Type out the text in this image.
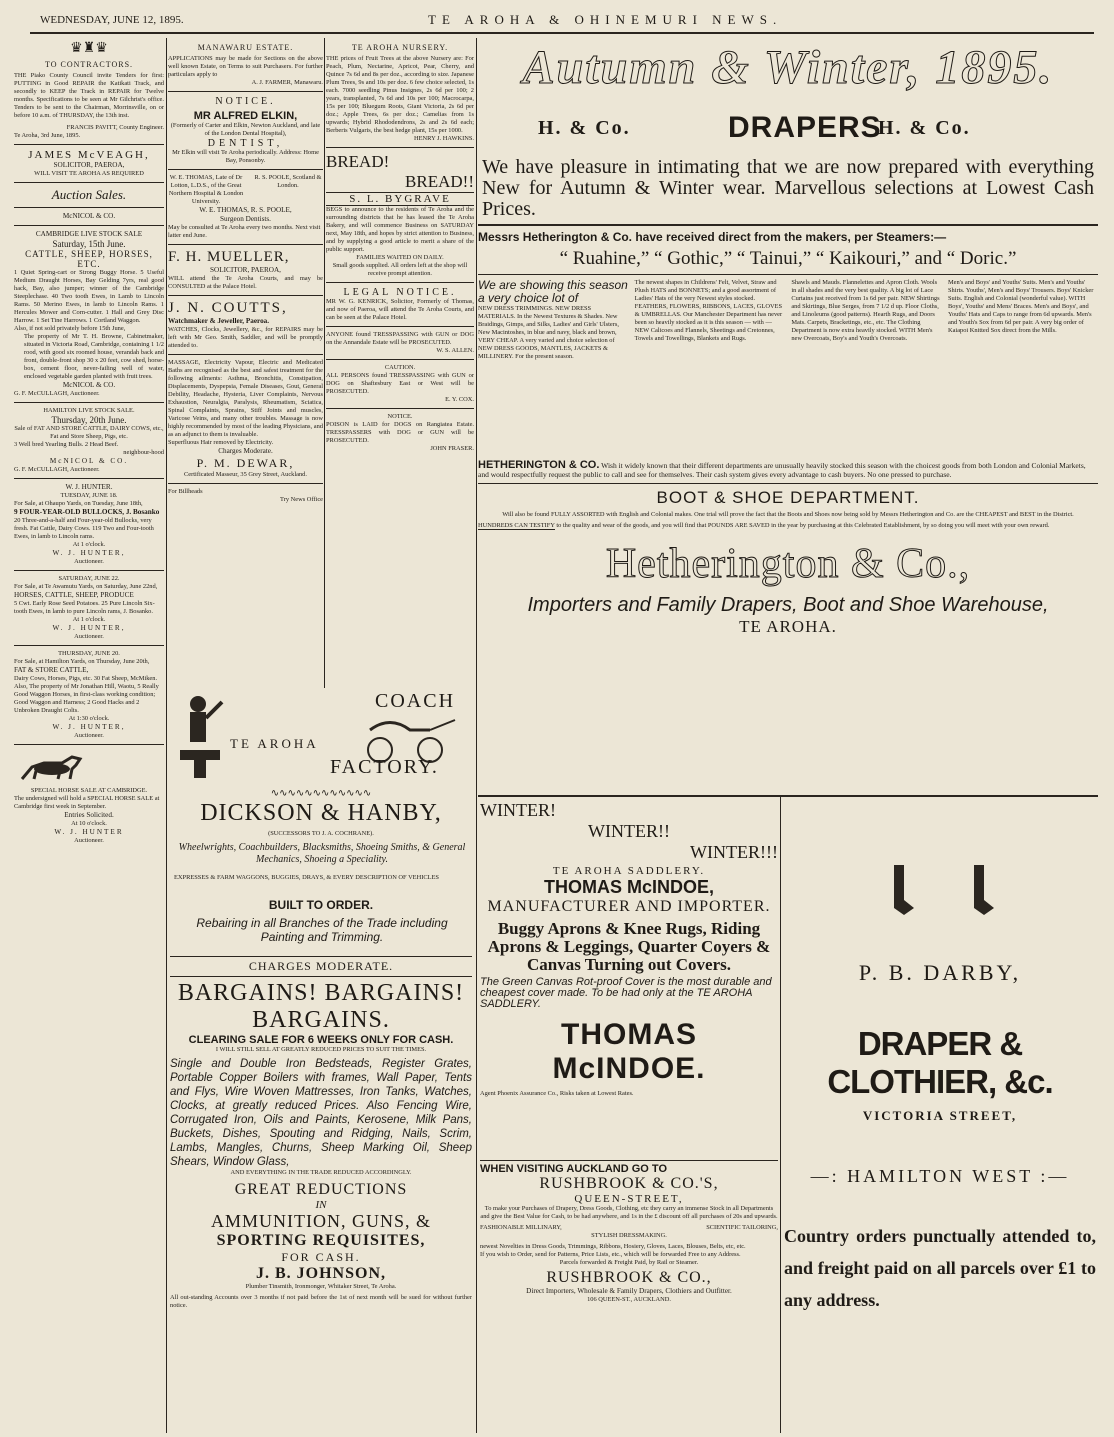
WEDNESDAY, JUNE 12, 1895.	TE AROHA & OHINEMURI NEWS.
♛♜♛
TO CONTRACTORS.
THE Piako County Council invite Tenders for first: PUTTING in Good REPAIR the Katikati Track, and secondly to KEEP the Track in REPAIR for Twelve months. Specifications to be seen at Mr Gilchrist's office. Tenders to be sent to the Chairman, Morrinsville, on or before 10 a.m. of THURSDAY, the 13th inst.
FRANCIS PAVITT, County Engineer.
Te Aroha, 3rd June, 1895.
JAMES McVEAGH,
SOLICITOR, PAEROA,
WILL VISIT TE AROHA AS REQUIRED
Auction Sales.
McNICOL & CO.
CAMBRIDGE LIVE STOCK SALE
Saturday, 15th June.
CATTLE, SHEEP, HORSES, ETC.
1 Quiet Spring-cart or Strong Buggy Horse. 5 Useful Medium Draught Horses, Bay Gelding 7yrs, real good hack, Bay, also jumper; winner of the Cambridge Steeplechase. 40 Two tooth Ewes, in Lamb to Lincoln Rams. 50 Merino Ewes, in lamb to Lincoln Rams. 1 Hercules Mower and Corn-cutter. 1 Hall and Grey Disc Harrow. 1 Set Tine Harrows. 1 Cortland Waggon.
Also, if not sold privately before 15th June,
The property of Mr T. H. Browne, Cabinetmaker, situated in Victoria Road, Cambridge, containing 1 1/2 rood, with good six roomed house, verandah back and front, double-front shop 30 x 20 feet, cow shed, horse-box, cement floor, never-failing well of water, enclosed vegetable garden planted with fruit trees.
McNICOL & CO.
G. F. McCULLAGH, Auctioneer.
HAMILTON LIVE STOCK SALE.
Thursday, 20th June.
Sale of FAT AND STORE CATTLE, DAIRY COWS, etc., Fat and Store Sheep, Pigs, etc.
3 Well bred Yearling Bulls. 2 Head Beef.
neighbour-hood
McNICOL & CO.
G. F. McCULLAGH, Auctioneer.
W. J. HUNTER.
TUESDAY, JUNE 18.
For Sale, at Ohaupo Yards, on Tuesday, June 18th,
9 FOUR-YEAR-OLD BULLOCKS, J. Bosanko
20 Three-and-a-half and Four-year-old Bullocks, very fresh. Fat Cattle, Dairy Cows. 119 Two and Four-tooth Ewes, in lamb to Lincoln rams.
At 1 o'clock.
W. J. HUNTER,
Auctioneer.
SATURDAY, JUNE 22.
For Sale, at Te Awamutu Yards, on Saturday, June 22nd,
HORSES, CATTLE, SHEEP, PRODUCE
5 Cwt. Early Rose Seed Potatoes. 25 Pure Lincoln Six-tooth Ewes, in lamb to pure Lincoln rams, J. Bosanko.
At 1 o'clock.
W. J. HUNTER,
Auctioneer.
THURSDAY, JUNE 20.
For Sale, at Hamilton Yards, on Thursday, June 20th,
FAT & STORE CATTLE,
Dairy Cows, Horses, Pigs, etc. 30 Fat Sheep, McMiken. Also, The property of Mr Jonathan Hill, Waotu, 5 Really Good Waggon Horses, in first-class working condition; Good Waggon and Harness; 2 Good Hacks and 2 Unbroken Draught Colts.
At 1:30 o'clock.
W. J. HUNTER,
Auctioneer.
SPECIAL HORSE SALE AT CAMBRIDGE.
The undersigned will hold a SPECIAL HORSE SALE at Cambridge first week in September.
Entries Solicited.
At 10 o'clock.
W. J. HUNTER
Auctioneer.
MANAWARU ESTATE.
APPLICATIONS may be made for Sections on the above well known Estate, on Terms to suit Purchasers. For further particulars apply to
A. J. FARMER, Manawaru.
NOTICE.
MR ALFRED ELKIN,
(Formerly of Carter and Elkin, Newton Auckland, and late of the London Dental Hospital),
DENTIST,
Mr Elkin will visit Te Aroha periodically. Address: Home Bay, Ponsonby.
W. E. THOMAS, Late of Dr Lotton, L.D.S., of the Great Northern Hospital & London University.
R. S. POOLE, Scotland & London.
W. E. THOMAS, R. S. POOLE,
Surgeon Dentists.
May be consulted at Te Aroha every two months. Next visit latter end June.
F. H. MUELLER,
SOLICITOR, PAEROA,
WILL attend the Te Aroha Courts, and may be CONSULTED at the Palace Hotel.
J. N. COUTTS,
Watchmaker & Jeweller, Paeroa.
WATCHES, Clocks, Jewellery, &c., for REPAIRS may be left with Mr Geo. Smith, Saddler, and will be promptly attended to.
MASSAGE, Electricity Vapour, Electric and Medicated Baths are recognised as the best and safest treatment for the following ailments: Asthma, Bronchitis, Constipation, Displacements, Dyspepsia, Female Diseases, Gout, General Debility, Headache, Hysteria, Liver Complaints, Nervous Exhaustion, Neuralgia, Paralysis, Rheumatism, Sciatica, Spinal Complaints, Sprains, Stiff Joints and muscles, Varicose Veins, and many other troubles. Massage is now highly recommended by most of the leading Physicians, and as an adjunct to them is invaluable.
Superfluous Hair removed by Electricity.
Charges Moderate.
P. M. DEWAR,
Certificated Masseur, 35 Grey Street, Auckland.
For Billheads
Try News Office
TE AROHA NURSERY.
THE prices of Fruit Trees at the above Nursery are: For Peach, Plum, Nectarine, Apricot, Pear, Cherry, and Quince 7s 6d and 8s per doz., according to size. Japanese Plum Trees, 9s and 10s per doz. 6 few choice selected, 1s each. 7000 seedling Pinus Insignes, 2s 6d per 100; 2 years, transplanted, 7s 6d and 10s per 100; Macrocarpa, 15s per 100; Bluegum Roots, Giant Victoria, 2s 6d per doz.; Apple Trees, 6s per doz.; Camelias from 1s upwards; Hybrid Rhododendrons, 2s and 2s 6d each; Berberis Vulgaris, the best hedge plant, 15s per 1000.
HENRY J. HAWKINS.
BREAD!
BREAD!!
S. L. BYGRAVE
BEGS to announce to the residents of Te Aroha and the surrounding districts that he has leased the Te Aroha Bakery, and will commence Business on SATURDAY next, May 18th, and hopes by strict attention to Business, and by supplying a good article to merit a share of the public support.
FAMILIES WAITED ON DAILY.
Small goods supplied. All orders left at the shop will receive prompt attention.
LEGAL NOTICE.
MR W. G. KENRICK, Solicitor, Formerly of Thomas, and now of Paeroa, will attend the Te Aroha Courts, and can be seen at the Palace Hotel.
ANYONE found TRESSPASSING with GUN or DOG on the Annandale Estate will be PROSECUTED.
W. S. ALLEN.
CAUTION.
ALL PERSONS found TRESSPASSING with GUN or DOG on Shaftesbury East or West will be PROSECUTED.
E. Y. COX.
NOTICE.
POISON is LAID for DOGS on Rangiatea Estate. TRESSPASSERS with DOG or GUN will be PROSECUTED.
JOHN FRASER.
TE AROHA
COACH
FACTORY.
∿∿∿∿∿∿∿∿∿∿∿∿
DICKSON & HANBY,
(SUCCESSORS TO J. A. COCHRANE).
Wheelwrights, Coachbuilders, Blacksmiths, Shoeing Smiths, & General Mechanics, Shoeing a Speciality.
EXPRESSES & FARM WAGGONS, BUGGIES, DRAYS, & EVERY DESCRIPTION OF VEHICLES
BUILT TO ORDER.
Rebairing in all Branches of the Trade including Painting and Trimming.
CHARGES MODERATE.
BARGAINS! BARGAINS!
BARGAINS.
CLEARING SALE FOR 6 WEEKS ONLY FOR CASH.
I WILL STILL SELL AT GREATLY REDUCED PRICES TO SUIT THE TIMES.
Single and Double Iron Bedsteads, Register Grates, Portable Copper Boilers with frames, Wall Paper, Tents and Flys, Wire Woven Mattresses, Iron Tanks, Watches, Clocks, at greatly reduced Prices. Also Fencing Wire, Corrugated Iron, Oils and Paints, Kerosene, Milk Pans, Buckets, Dishes, Spouting and Ridging, Nails, Scrim, Lambs, Mangles, Churns, Sheep Marking Oil, Sheep Shears, Window Glass,
AND EVERYTHING IN THE TRADE REDUCED ACCORDINGLY.
GREAT REDUCTIONS
IN
AMMUNITION, GUNS, &
SPORTING REQUISITES,
FOR CASH.
J. B. JOHNSON,
Plumber Tinsmith, Ironmonger, Whitaker Street, Te Aroha.
All out-standing Accounts over 3 months if not paid before the 1st of next month will be sued for without further notice.
Autumn & Winter, 1895.
H. & Co.	DRAPERS
H. & Co.
We have pleasure in intimating that we are now prepared with everything New for Autumn & Winter wear. Marvellous selections at Lowest Cash Prices.
Messrs Hetherington & Co. have received direct from the makers, per Steamers:—
“ Ruahine,” “ Gothic,” “ Tainui,” “ Kaikouri,” and “ Doric.”
We are showing this season a very choice lot of
NEW DRESS TRIMMINGS. NEW DRESS MATERIALS. In the Newest Textures & Shades. New Braidings, Gimps, and Silks, Ladies' and Girls' Ulsters, New Macintoshes, in blue and navy, black and brown, VERY CHEAP. A very varied and choice selection of NEW DRESS GOODS, MANTLES, JACKETS & MILLINERY. For the present season.
The newest shapes in Childrens' Felt, Velvet, Straw and Plush HATS and BONNETS; and a good assortment of Ladies' Hats of the very Newest styles stocked. FEATHERS, FLOWERS, RIBBONS, LACES, GLOVES & UMBRELLAS. Our Manchester Department has never been so heavily stocked as it is this season — with — NEW Calicoes and Flannels, Sheetings and Cretonnes, Towels and Towellings, Blankets and Rugs.
Shawls and Mauds. Flannelettes and Apron Cloth. Wools in all shades and the very best quality. A big lot of Lace Curtains just received from 1s 6d per pair. NEW Shirtings and Skirtings, Blue Serges, from 7 1/2 d up. Floor Cloths, and Linoleums (good patterns). Hearth Rugs, and Doors Mats. Carpets, Bracketings, etc., etc. The Clothing Department is now extra heavily stocked. WITH Men's new Overcoats, Boy's and Youth's Overcoats.
Men's and Boys' and Youths' Suits. Men's and Youths' Shirts. Youths', Men's and Boys' Trousers. Boys' Knicker Suits. English and Colonial (wonderful value). WITH Boys', Youths' and Mens' Braces. Men's and Boys', and Youths' Hats and Caps to range from 6d upwards. Men's and Youth's Sox from 6d per pair. A very big order of Kaiapoi Knitted Sox direct from the Mills.
HETHERINGTON & CO. Wish it widely known that their different departments are unusually heavily stocked this season with the choicest goods from both London and Colonial Markets, and would respectfully request the public to call and see for themselves. Their cash system gives every advantage to cash buyers. No one pressed to purchase.
BOOT & SHOE DEPARTMENT.
Will also be found FULLY ASSORTED with English and Colonial makes. One trial will prove the fact that the Boots and Shoes now being sold by Messrs Hetherington and Co. are the CHEAPEST and BEST in the District.
HUNDREDS CAN TESTIFY to the quality and wear of the goods, and you will find that POUNDS ARE SAVED in the year by purchasing at this Celebrated Establishment, by so doing you will meet with your own reward.
Hetherington & Co.,
Importers and Family Drapers, Boot and Shoe Warehouse,
TE AROHA.
WINTER!
WINTER!!
WINTER!!!
TE AROHA SADDLERY.
THOMAS McINDOE,
MANUFACTURER AND IMPORTER.
Buggy Aprons & Knee Rugs, Riding Aprons & Leggings, Quarter Coyers & Canvas Turning out Covers.
The Green Canvas Rot-proof Cover is the most durable and cheapest cover made. To be had only at the TE AROHA SADDLERY.
THOMAS McINDOE.
Agent Phoenix Assurance Co., Risks taken at Lowest Rates.
WHEN VISITING AUCKLAND GO TO
RUSHBROOK & CO.'S,
QUEEN-STREET,
To make your Purchases of Drapery, Dress Goods, Clothing, etc they carry an immense Stock in all Departments and give the Best Value for Cash, to be had anywhere, and 1s in the £ discount off all purchases of 20s and upwards.
FASHIONABLE MILLINARY,	SCIENTIFIC TAILORING,
STYLISH DRESSMAKING.
newest Novelties in Dress Goods, Trimmings, Ribbons, Hosiery, Gloves, Laces, Blouses, Belts, etc, etc.
If you wish to Order, send for Patterns, Price Lists, etc., which will be forwarded Free to any Address.
Parcels forwarded & Freight Paid, by Rail or Steamer.
RUSHBROOK & CO.,
Direct Importers, Wholesale & Family Drapers, Clothiers and Outfitter.
106 QUEEN-ST., AUCKLAND.
P. B. DARBY,
DRAPER & CLOTHIER, &c.
VICTORIA STREET,
—: HAMILTON WEST :—
Country orders punctually attended to, and freight paid on all parcels over £1 to any address.
